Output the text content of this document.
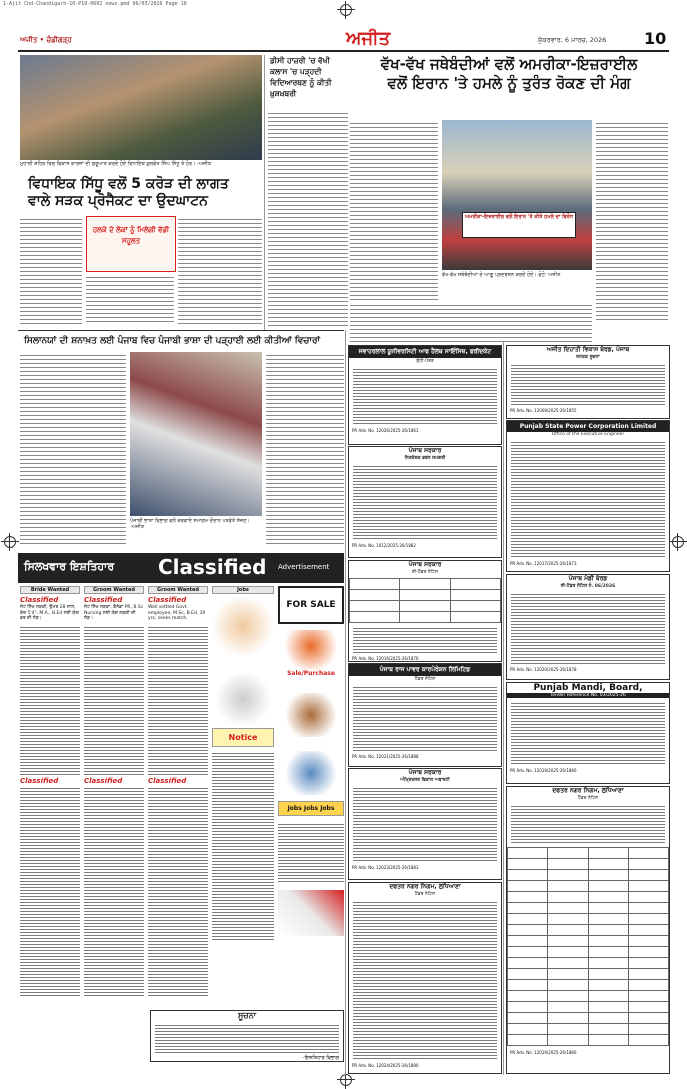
1-Ajit Chd-Chandigarh-10-P10-0602 news.pmd 06/03/2026 Page 10
ਅਜੀਤ • ਚੰਡੀਗੜ੍ਹ	ਅਜੀਤ	ਸ਼ੁੱਕਰਵਾਰ, 6 ਮਾਰਚ, 2026 10
ਮੁਹਾਲੀ ਸ਼ਹਿਰ ਵਿਚ ਵਿਕਾਸ ਕਾਰਜਾਂ ਦੀ ਸ਼ੁਰੂਆਤ ਕਰਦੇ ਹੋਏ ਵਿਧਾਇਕ ਕੁਲਵੰਤ ਸਿੰਘ ਸਿੱਧੂ ਤੇ ਹੋਰ। -ਅਜੀਤ
ਵਿਧਾਇਕ ਸਿੱਧੂ ਵਲੋਂ 5 ਕਰੋੜ ਦੀ ਲਾਗਤ
ਵਾਲੇ ਸੜਕ ਪ੍ਰੋਜੈਕਟ ਦਾ ਉਦਘਾਟਨ
ਹਲਕੇ ਦੇ ਲੋਕਾਂ ਨੂੰ ਮਿਲੇਗੀ ਵੱਡੀ ਸਹੂਲਤ
ਡੀਸੀ ਹਾਜ਼ਰੀ 'ਚ ਵੱਖੀ ਕਲਾਸ 'ਚ ਪੜ੍ਹਦੀ ਵਿਦਿਆਰਥਣ ਨੂੰ ਕੀਤੀ ਖ਼ੁਸ਼ਖ਼ਬਰੀ
ਵੱਖ-ਵੱਖ ਜਥੇਬੰਦੀਆਂ ਵਲੋਂ ਅਮਰੀਕਾ-ਇਜ਼ਰਾਈਲ
ਵਲੋਂ ਇਰਾਨ 'ਤੇ ਹਮਲੇ ਨੂੰ ਤੁਰੰਤ ਰੋਕਣ ਦੀ ਮੰਗ
ਅਮਰੀਕਾ-ਇਜ਼ਰਾਈਲ ਵਲੋਂ ਇਰਾਨ 'ਤੇ ਕੀਤੇ ਹਮਲੇ ਦਾ ਵਿਰੋਧ
ਵੱਖ-ਵੱਖ ਜਥੇਬੰਦੀਆਂ ਦੇ ਆਗੂ ਪ੍ਰਦਰਸ਼ਨ ਕਰਦੇ ਹੋਏ। ਫੋਟੋ: ਅਜੀਤ
ਸਿਲਾਨਯਾਂ ਦੀ ਸ਼ਨਾਖ਼ਤ ਲਈ ਪੰਜਾਬ ਵਿਚ ਪੰਜਾਬੀ ਭਾਸ਼ਾ ਦੀ ਪੜ੍ਹਾਈ ਲਈ ਕੀਤੀਆਂ ਵਿਚਾਰਾਂ
ਪੰਜਾਬੀ ਭਾਸ਼ਾ ਵਿਭਾਗ ਵਲੋਂ ਕਰਵਾਏ ਸਮਾਗਮ ਦੌਰਾਨ ਪਤਵੰਤੇ ਸੱਜਣ। -ਅਜੀਤ
ਸਿਲਖਵਾਰ ਇਸ਼ਤਿਹਾਰ Classified Advertisement
Bride Wanted
Classified
ਜੱਟ ਸਿੱਖ ਲੜਕੀ, ਉਮਰ 28 ਸਾਲ, ਕੱਦ 5'4", M.A., B.Ed ਲਈ ਯੋਗ ਵਰ ਦੀ ਲੋੜ।
Classified
Groom Wanted
Classified
ਜੱਟ ਸਿੱਖ ਲੜਕਾ, ਕੈਨੇਡਾ PR, B.Sc Nursing ਲਈ ਯੋਗ ਲੜਕੀ ਦੀ ਲੋੜ।
Classified
Groom Wanted
Classified
Well settled Govt. employee, M.Sc, B.Ed, 30 yrs, seeks match.
Classified
Jobs
Notice
FOR SALE
Sale/Purchase
Jobs Jobs Jobs
ਸੂਚਨਾ
-ਇਸ਼ਤਿਹਾਰ ਵਿਭਾਗ
ਜਵਾਹਰਲਾਲ ਯੂਨੀਵਰਸਿਟੀ ਆਫ ਹੈਲਥ ਸਾਇੰਸਿਜ਼, ਫਰੀਦਕੋਟ
ਸ਼ੁੱਧੀ-ਪੱਤਰ
PR Adv. No. 12026/2025-26/1863
ਪੰਜਾਬ ਸਰਕਾਰ
ਨਿਰਦੇਸ਼ਕ ਭਵਨ ਸਮਗਰੀ
PR Adv. No. 1012/2025-26/1882
ਪੰਜਾਬ ਸਰਕਾਰ
ਈ-ਟੈਂਡਰ ਨੋਟਿਸ

PR Adv. No. 12016/2025-26/1876
ਪੰਜਾਬ ਰਾਜ ਪਾਵਰ ਕਾਰਪੋਰੇਸ਼ਨ ਲਿਮਿਟਿਡ
ਟੈਂਡਰ ਨੋਟਿਸ
PR Adv. No. 12021/2025-26/1888
ਪੰਜਾਬ ਸਰਕਾਰ
ਅੰਮ੍ਰਿਤਸਰ ਵਿਕਾਸ ਅਥਾਰਟੀ
PR Adv. No. 12023/2025-26/1883
ਦਫਤਰ ਨਗਰ ਨਿਗਮ, ਲੁਧਿਆਣਾ
ਟੈਂਡਰ ਨੋਟਿਸ
PR Adv. No. 12024/2025-26/1890
ਅਜੀਤ ਦਿਹਾਤੀ ਵਿਕਾਸ ਬੋਰਡ, ਪੰਜਾਬ
ਜਨਤਕ ਸੂਚਨਾ
PR Adv. No. 12009/2025-26/1855
Punjab State Power Corporation Limited
Office of the Executive Engineer
PR Adv. No. 12017/2025-26/1873
ਪੰਜਾਬ ਮੰਡੀ ਬੋਰਡ
ਈ-ਟੈਂਡਰ ਨੋਟਿਸ ਨੰ. 06/2026
PR Adv. No. 12020/2025-26/1878
Punjab Mandi, Board,
Tender Reference No. 03/2025-26
PR Adv. No. 12019/2025-26/1866
ਦਫਤਰ ਨਗਰ ਨਿਗਮ, ਲੁਧਿਆਣਾ
ਟੈਂਡਰ ਨੋਟਿਸ

PR Adv. No. 12019/2025-26/1866
